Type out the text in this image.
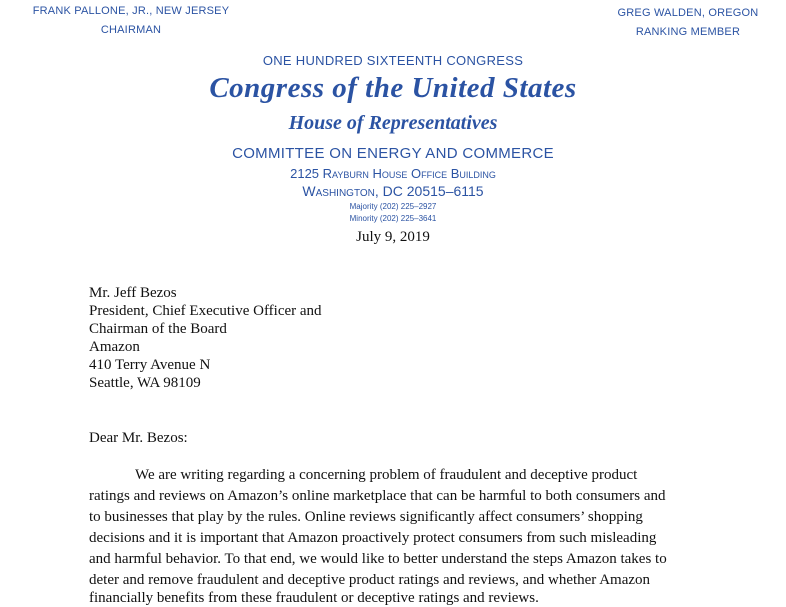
FRANK PALLONE, JR., NEW JERSEY
CHAIRMAN
GREG WALDEN, OREGON
RANKING MEMBER
ONE HUNDRED SIXTEENTH CONGRESS
Congress of the United States
House of Representatives
COMMITTEE ON ENERGY AND COMMERCE
2125 Rayburn House Office Building
Washington, DC 20515–6115
Majority (202) 225–2927
Minority (202) 225–3641
July 9, 2019
Mr. Jeff Bezos
President, Chief Executive Officer and
Chairman of the Board
Amazon
410 Terry Avenue N
Seattle, WA 98109
Dear Mr. Bezos:
We are writing regarding a concerning problem of fraudulent and deceptive product
ratings and reviews on Amazon’s online marketplace that can be harmful to both consumers and
to businesses that play by the rules. Online reviews significantly affect consumers’ shopping
decisions and it is important that Amazon proactively protect consumers from such misleading
and harmful behavior. To that end, we would like to better understand the steps Amazon takes to
deter and remove fraudulent and deceptive product ratings and reviews, and whether Amazon
financially benefits from these fraudulent or deceptive ratings and reviews.
